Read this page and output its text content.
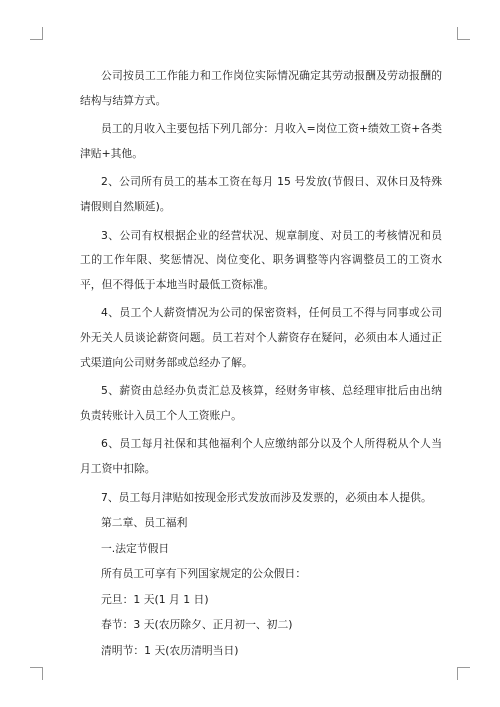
公司按员工工作能力和工作岗位实际情况确定其劳动报酬及劳动报酬的结构与结算方式。

员工的月收入主要包括下列几部分：月收入=岗位工资+绩效工资+各类津贴+其他。

2、公司所有员工的基本工资在每月 15 号发放(节假日、双休日及特殊请假则自然顺延)。

3、公司有权根据企业的经营状况、规章制度、对员工的考核情况和员工的工作年限、奖惩情况、岗位变化、职务调整等内容调整员工的工资水平，但不得低于本地当时最低工资标准。

4、员工个人薪资情况为公司的保密资料，任何员工不得与同事或公司外无关人员谈论薪资问题。员工若对个人薪资存在疑问，必须由本人通过正式渠道向公司财务部或总经办了解。

5、薪资由总经办负责汇总及核算，经财务审核、总经理审批后由出纳负责转账计入员工个人工资账户。

6、员工每月社保和其他福利个人应缴纳部分以及个人所得税从个人当月工资中扣除。

7、员工每月津贴如按现金形式发放而涉及发票的，必须由本人提供。

第二章、员工福利

一.法定节假日

所有员工可享有下列国家规定的公众假日：

元旦：1 天(1 月 1 日)

春节：3 天(农历除夕、正月初一、初二)

清明节：1 天(农历清明当日)
